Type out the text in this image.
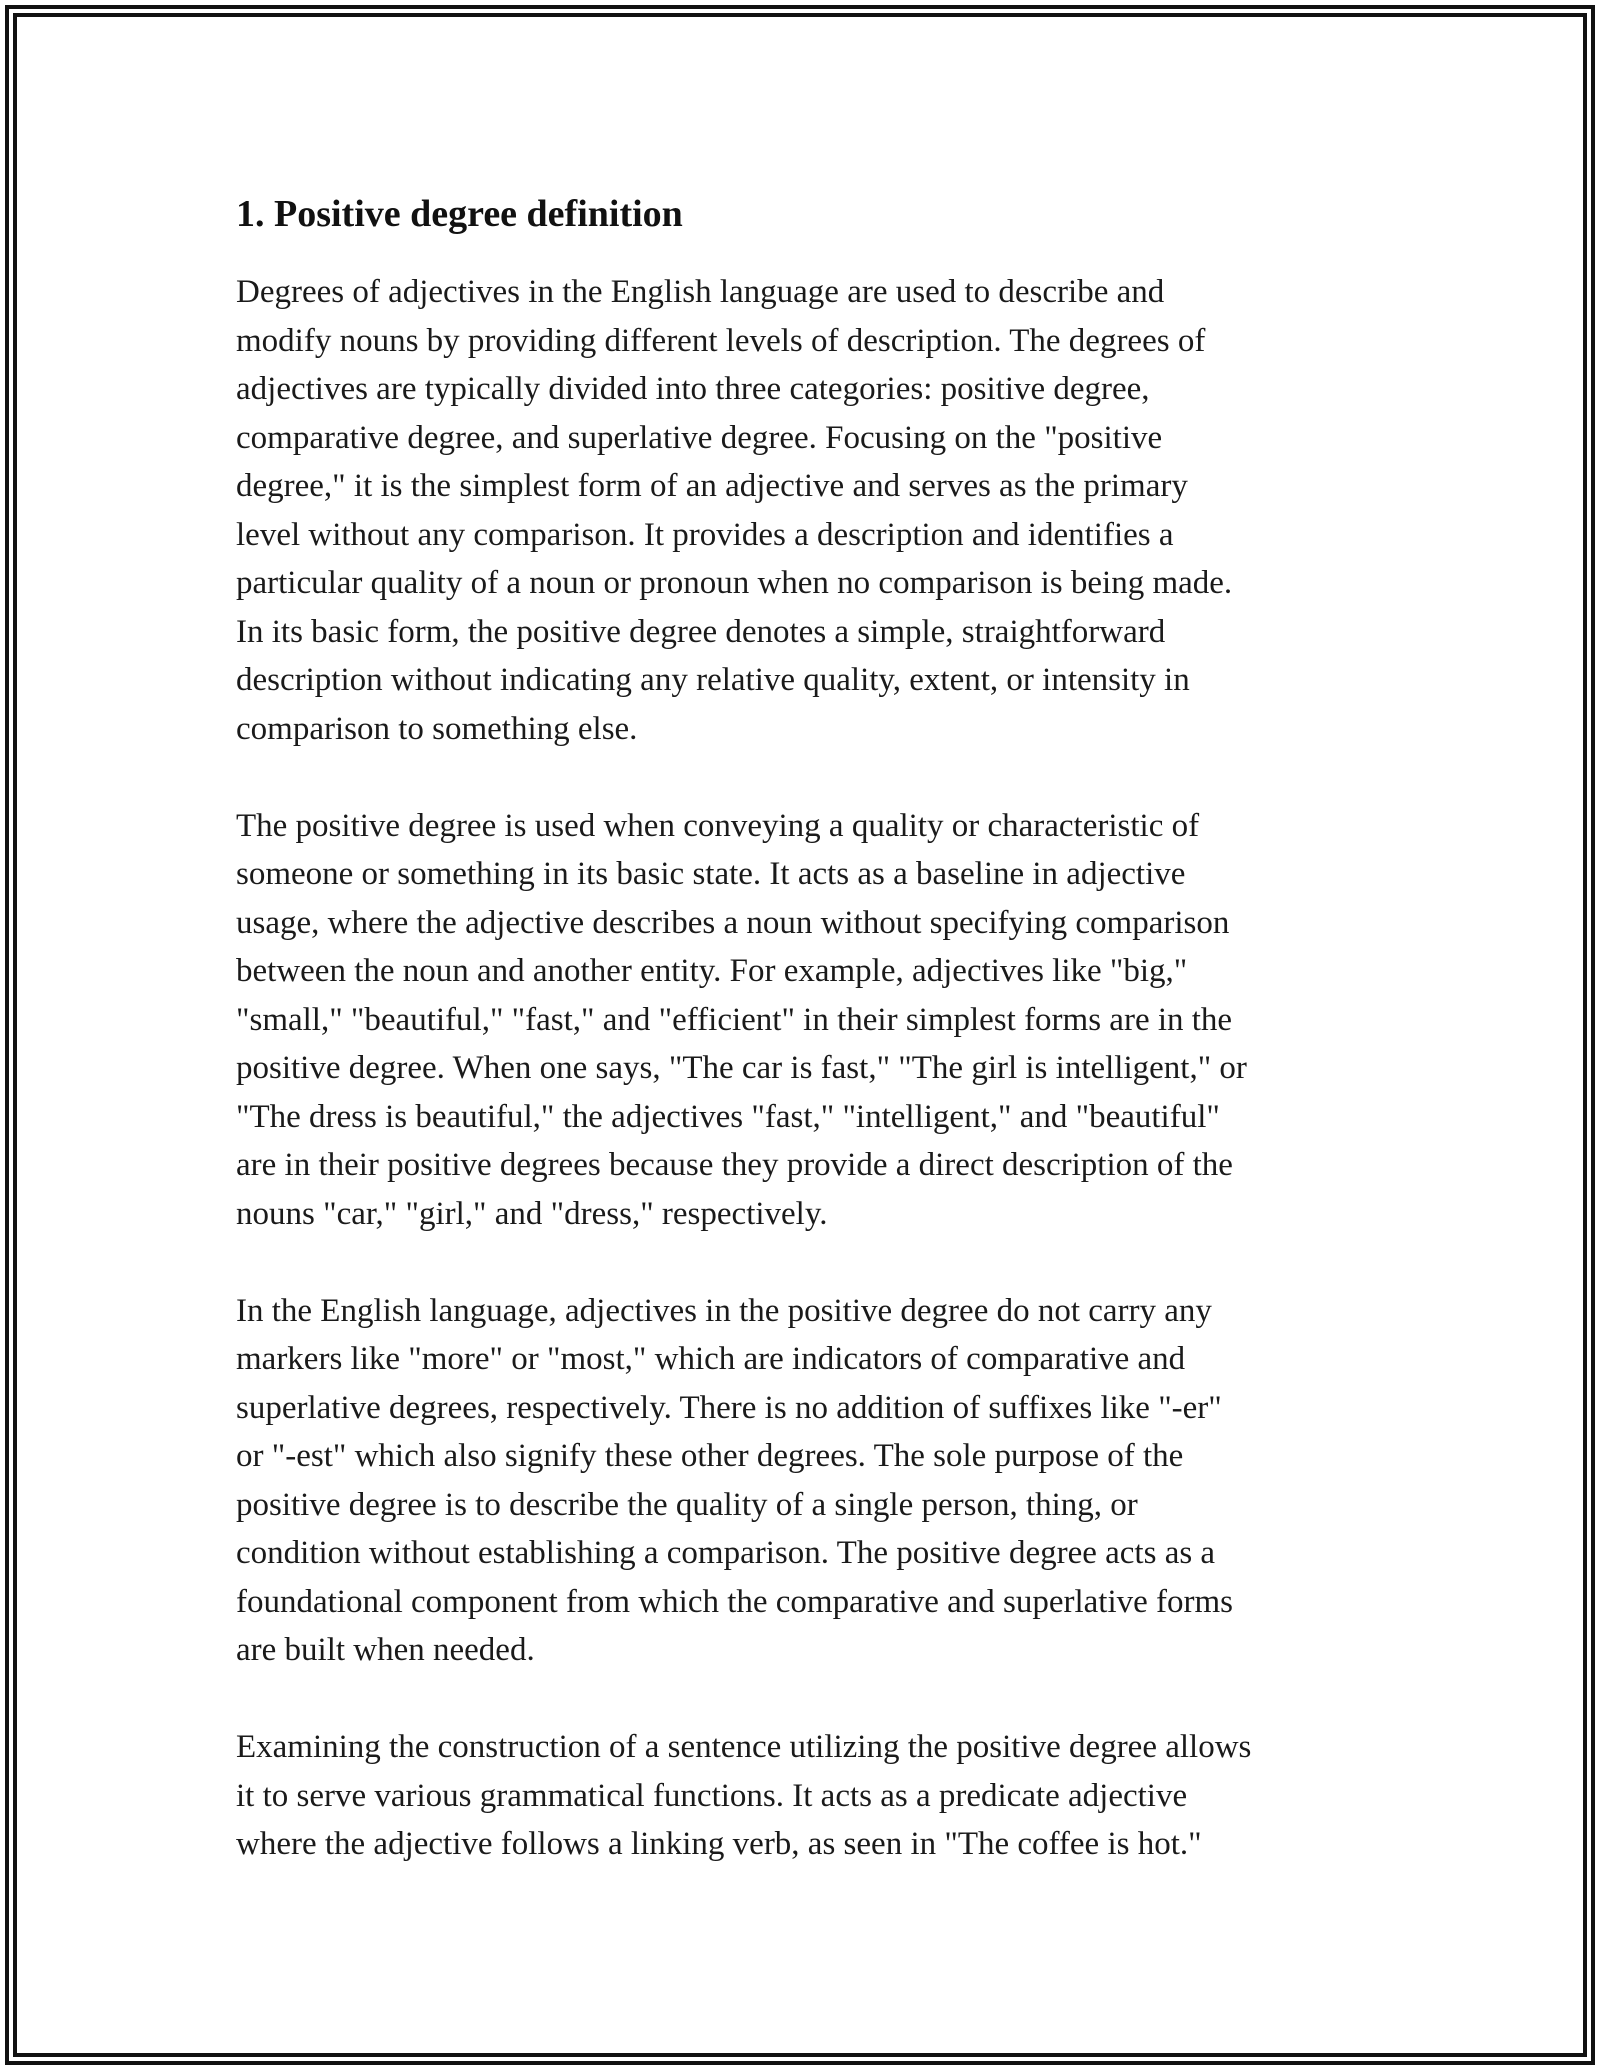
1. Positive degree definition

Degrees of adjectives in the English language are used to describe and
modify nouns by providing different levels of description. The degrees of
adjectives are typically divided into three categories: positive degree,
comparative degree, and superlative degree. Focusing on the "positive
degree," it is the simplest form of an adjective and serves as the primary
level without any comparison. It provides a description and identifies a
particular quality of a noun or pronoun when no comparison is being made.
In its basic form, the positive degree denotes a simple, straightforward
description without indicating any relative quality, extent, or intensity in
comparison to something else.

The positive degree is used when conveying a quality or characteristic of
someone or something in its basic state. It acts as a baseline in adjective
usage, where the adjective describes a noun without specifying comparison
between the noun and another entity. For example, adjectives like "big,"
"small," "beautiful," "fast," and "efficient" in their simplest forms are in the
positive degree. When one says, "The car is fast," "The girl is intelligent," or
"The dress is beautiful," the adjectives "fast," "intelligent," and "beautiful"
are in their positive degrees because they provide a direct description of the
nouns "car," "girl," and "dress," respectively.

In the English language, adjectives in the positive degree do not carry any
markers like "more" or "most," which are indicators of comparative and
superlative degrees, respectively. There is no addition of suffixes like "-er"
or "-est" which also signify these other degrees. The sole purpose of the
positive degree is to describe the quality of a single person, thing, or
condition without establishing a comparison. The positive degree acts as a
foundational component from which the comparative and superlative forms
are built when needed.

Examining the construction of a sentence utilizing the positive degree allows
it to serve various grammatical functions. It acts as a predicate adjective
where the adjective follows a linking verb, as seen in "The coffee is hot."
